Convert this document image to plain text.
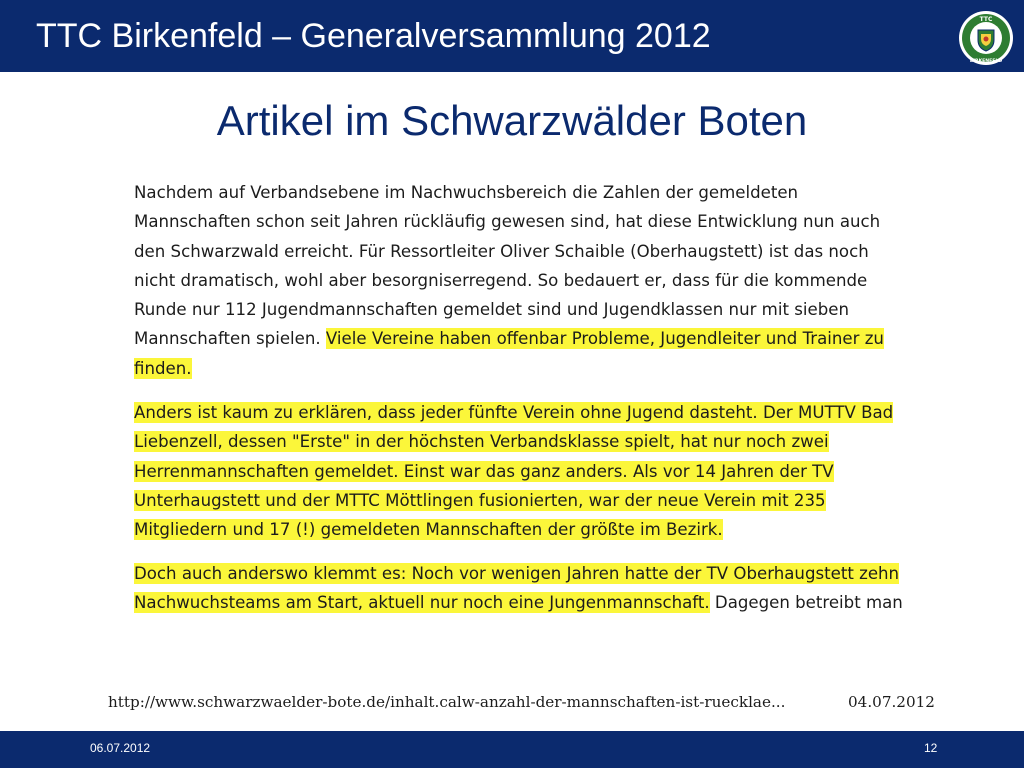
TTC Birkenfeld – Generalversammlung 2012	TTC
BIRKENFELD
Artikel im Schwarzwälder Boten
Nachdem auf Verbandsebene im Nachwuchsbereich die Zahlen der gemeldeten
Mannschaften schon seit Jahren rückläufig gewesen sind, hat diese Entwicklung nun auch
den Schwarzwald erreicht. Für Ressortleiter Oliver Schaible (Oberhaugstett) ist das noch
nicht dramatisch, wohl aber besorgniserregend. So bedauert er, dass für die kommende
Runde nur 112 Jugendmannschaften gemeldet sind und Jugendklassen nur mit sieben
Mannschaften spielen. Viele Vereine haben offenbar Probleme, Jugendleiter und Trainer zu
finden.
Anders ist kaum zu erklären, dass jeder fünfte Verein ohne Jugend dasteht. Der MUTTV Bad
Liebenzell, dessen "Erste" in der höchsten Verbandsklasse spielt, hat nur noch zwei
Herrenmannschaften gemeldet. Einst war das ganz anders. Als vor 14 Jahren der TV
Unterhaugstett und der MTTC Möttlingen fusionierten, war der neue Verein mit 235
Mitgliedern und 17 (!) gemeldeten Mannschaften der größte im Bezirk.
Doch auch anderswo klemmt es: Noch vor wenigen Jahren hatte der TV Oberhaugstett zehn
Nachwuchsteams am Start, aktuell nur noch eine Jungenmannschaft. Dagegen betreibt man
http://www.schwarzwaelder-bote.de/inhalt.calw-anzahl-der-mannschaften-ist-ruecklae...	04.07.2012
06.07.2012	12
